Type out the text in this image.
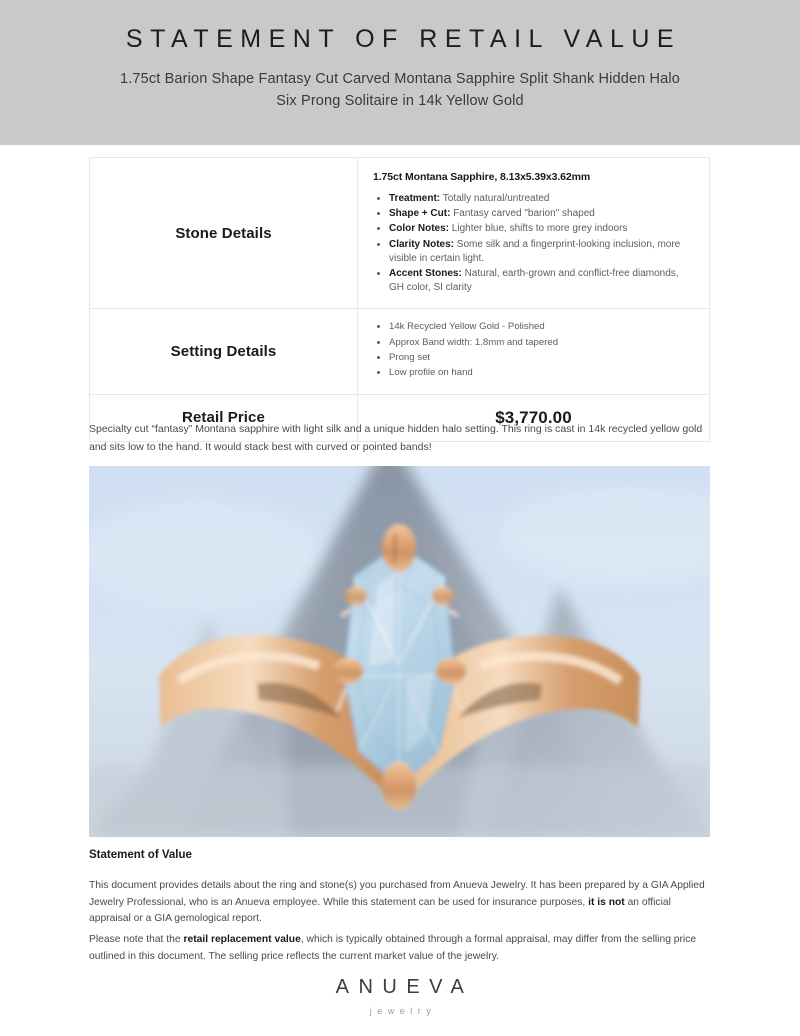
STATEMENT OF RETAIL VALUE
1.75ct Barion Shape Fantasy Cut Carved Montana Sapphire Split Shank Hidden Halo Six Prong Solitaire in 14k Yellow Gold
Stone Details	
1.75ct Montana Sapphire, 8.13x5.39x3.62mm
• Treatment: Totally natural/untreated
• Shape + Cut: Fantasy carved "barion" shaped
• Color Notes: Lighter blue, shifts to more grey indoors
• Clarity Notes: Some silk and a fingerprint-looking inclusion, more visible in certain light.
• Accent Stones: Natural, earth-grown and conflict-free diamonds, GH color, SI clarity

Setting Details	
• 14k Recycled Yellow Gold - Polished
• Approx Band width: 1.8mm and tapered
• Prong set
• Low profile on hand

Retail Price	$3,770.00
Specialty cut “fantasy” Montana sapphire with light silk and a unique hidden halo setting. This ring is cast in 14k recycled yellow gold and sits low to the hand. It would stack best with curved or pointed bands!
Statement of Value
This document provides details about the ring and stone(s) you purchased from Anueva Jewelry. It has been prepared by a GIA Applied Jewelry Professional, who is an Anueva employee. While this statement can be used for insurance purposes, it is not an official appraisal or a GIA gemological report.
Please note that the retail replacement value, which is typically obtained through a formal appraisal, may differ from the selling price outlined in this document. The selling price reflects the current market value of the jewelry.
ANUEVA
jewelry
